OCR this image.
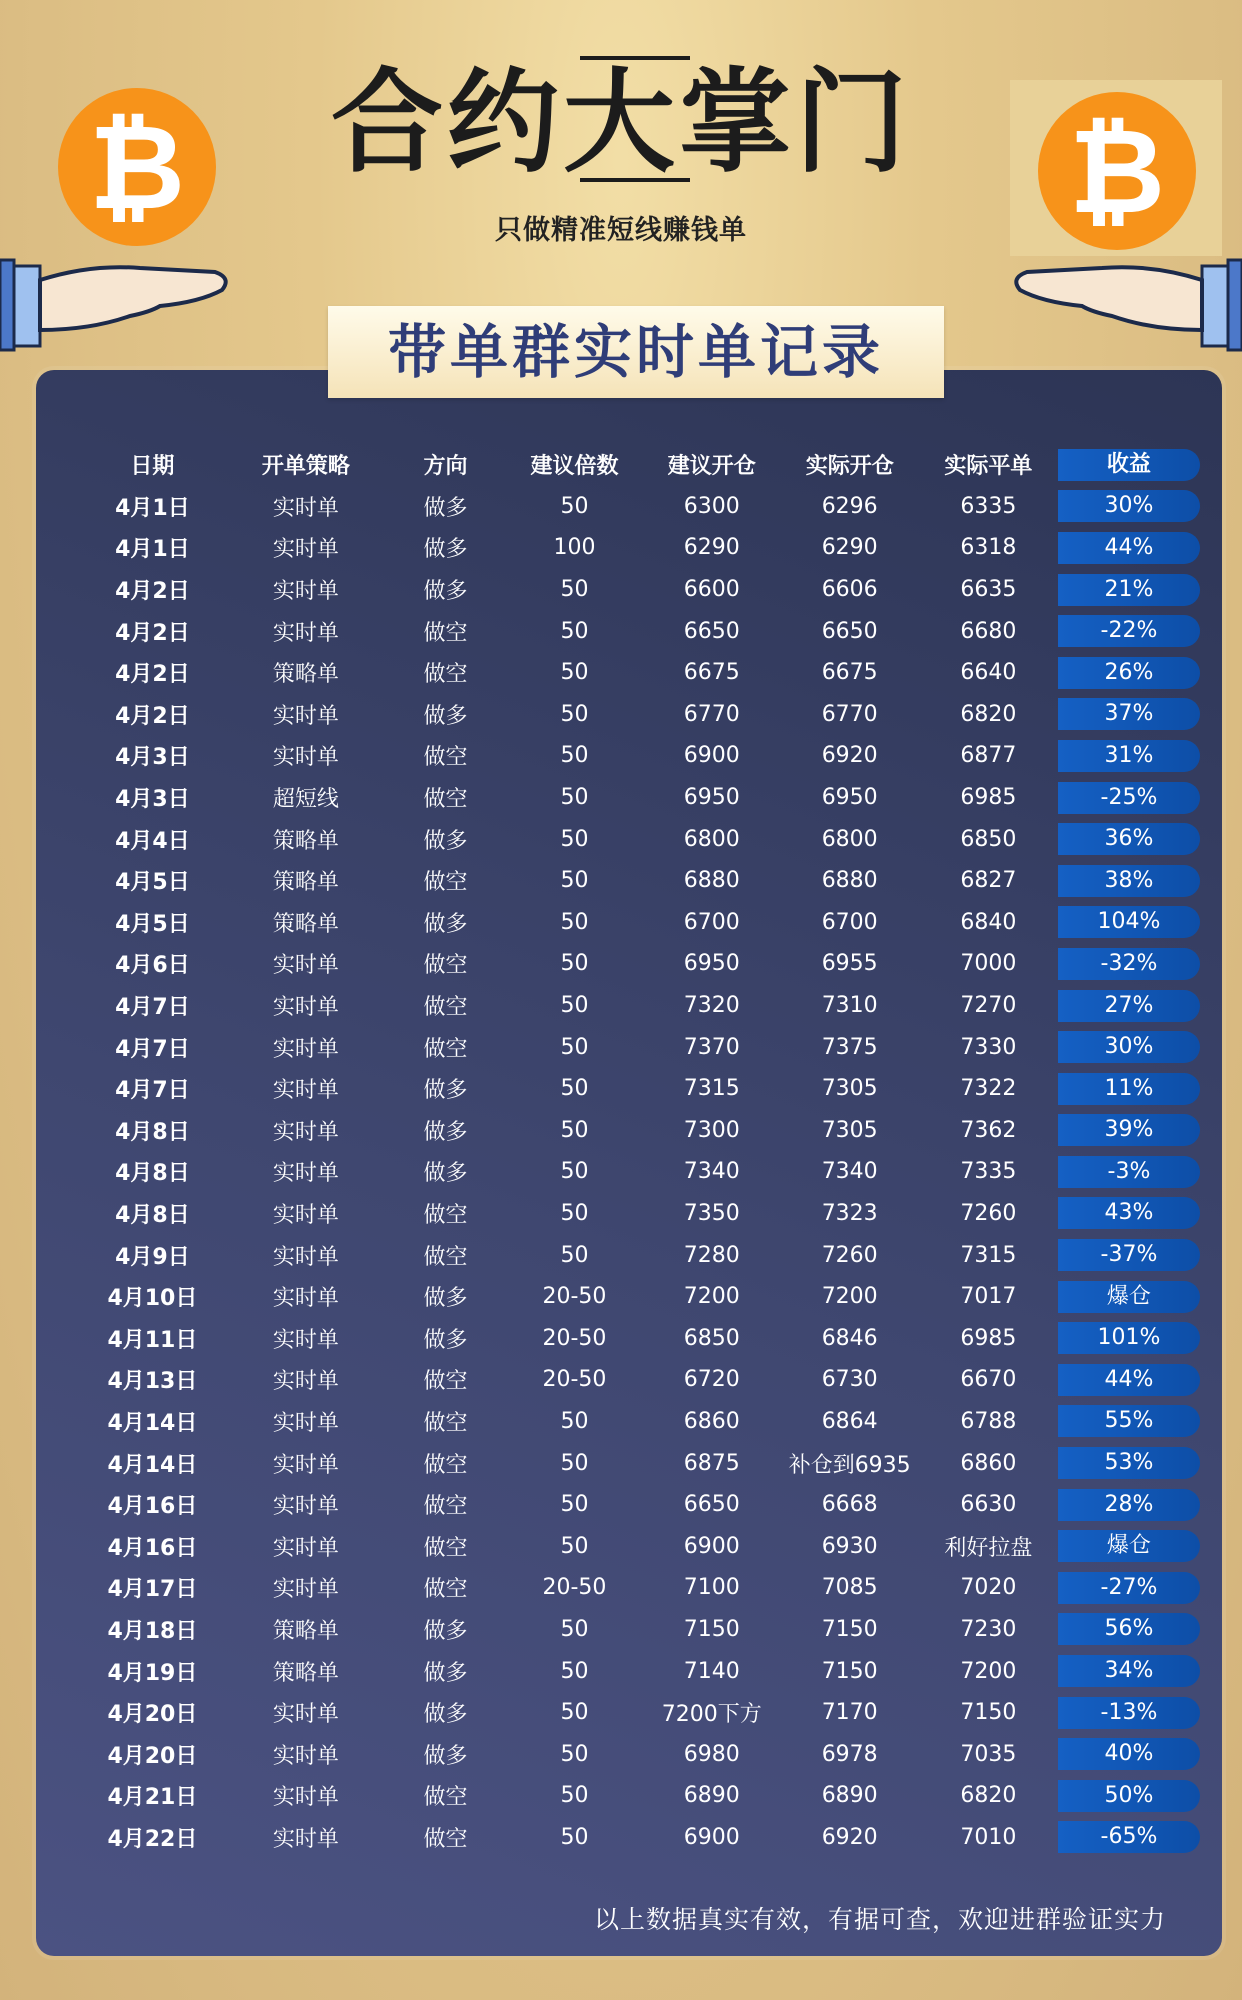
合约大掌门
只做精准短线赚钱单
₿	₿
带单群实时单记录
日期	开单策略	方向	建议倍数	建议开仓	实际开仓	实际平单	收益

4月1日	实时单	做多	50	6300	6296	6335	30%

4月1日	实时单	做多	100	6290	6290	6318	44%

4月2日	实时单	做多	50	6600	6606	6635	21%

4月2日	实时单	做空	50	6650	6650	6680	-22%

4月2日	策略单	做空	50	6675	6675	6640	26%

4月2日	实时单	做多	50	6770	6770	6820	37%

4月3日	实时单	做空	50	6900	6920	6877	31%

4月3日	超短线	做空	50	6950	6950	6985	-25%

4月4日	策略单	做多	50	6800	6800	6850	36%

4月5日	策略单	做空	50	6880	6880	6827	38%

4月5日	策略单	做多	50	6700	6700	6840	104%

4月6日	实时单	做空	50	6950	6955	7000	-32%

4月7日	实时单	做空	50	7320	7310	7270	27%

4月7日	实时单	做空	50	7370	7375	7330	30%

4月7日	实时单	做多	50	7315	7305	7322	11%

4月8日	实时单	做多	50	7300	7305	7362	39%

4月8日	实时单	做多	50	7340	7340	7335	-3%

4月8日	实时单	做空	50	7350	7323	7260	43%

4月9日	实时单	做空	50	7280	7260	7315	-37%

4月10日	实时单	做多	20-50	7200	7200	7017	爆仓

4月11日	实时单	做多	20-50	6850	6846	6985	101%

4月13日	实时单	做空	20-50	6720	6730	6670	44%

4月14日	实时单	做空	50	6860	6864	6788	55%

4月14日	实时单	做空	50	6875	补仓到6935	6860	53%

4月16日	实时单	做空	50	6650	6668	6630	28%

4月16日	实时单	做空	50	6900	6930	利好拉盘	爆仓

4月17日	实时单	做空	20-50	7100	7085	7020	-27%

4月18日	策略单	做多	50	7150	7150	7230	56%

4月19日	策略单	做多	50	7140	7150	7200	34%

4月20日	实时单	做多	50	7200下方	7170	7150	-13%

4月20日	实时单	做多	50	6980	6978	7035	40%

4月21日	实时单	做空	50	6890	6890	6820	50%

4月22日	实时单	做空	50	6900	6920	7010	-65%
以上数据真实有效，有据可查，欢迎进群验证实力
